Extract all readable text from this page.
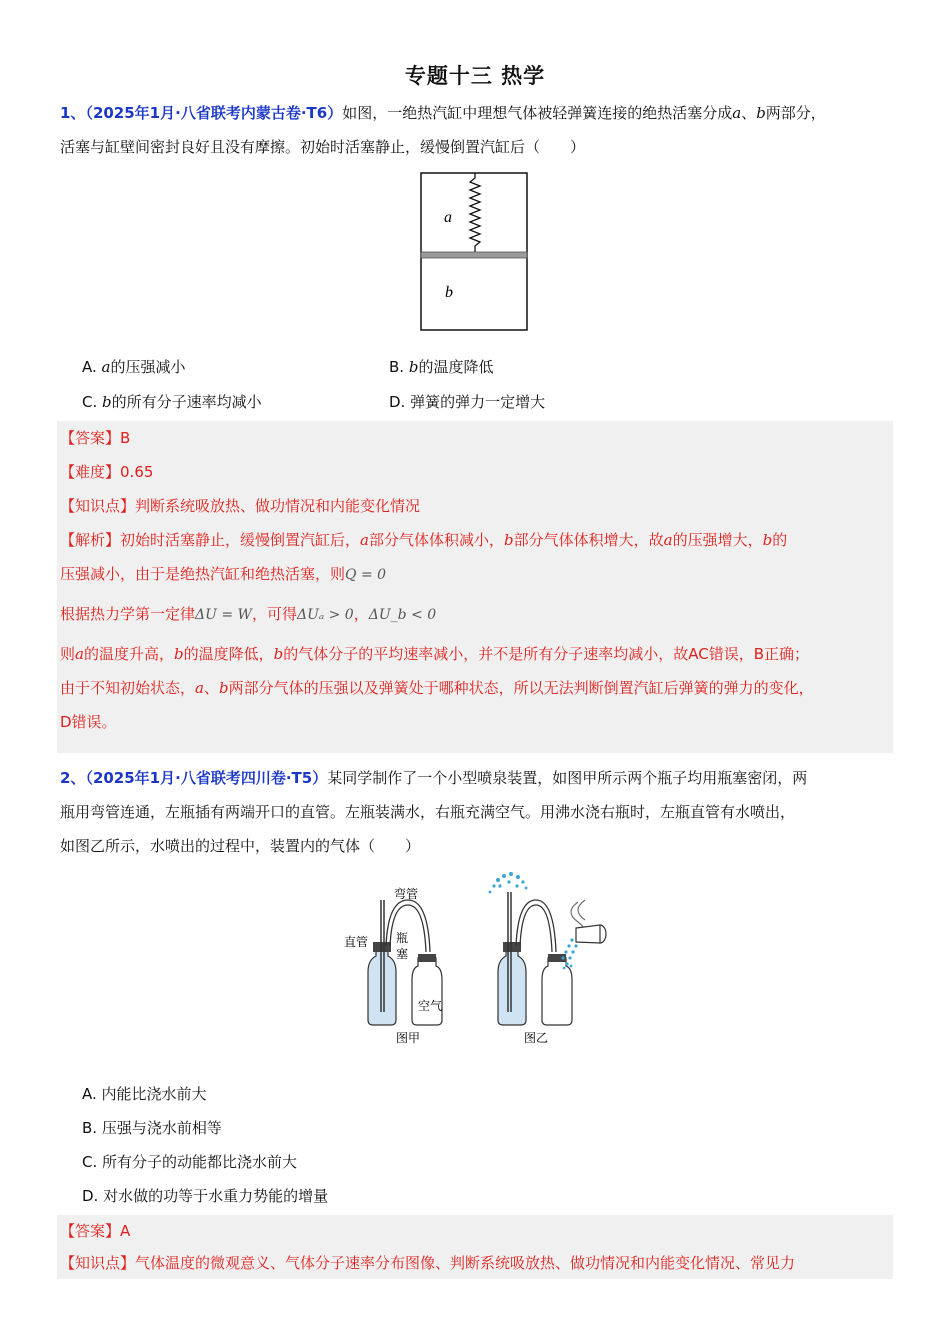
专题十三 热学
1、（2025年1月·八省联考内蒙古卷·T6）如图，一绝热汽缸中理想气体被轻弹簧连接的绝热活塞分成a、b两部分，
活塞与缸壁间密封良好且没有摩擦。初始时活塞静止，缓慢倒置汽缸后（　　）
a
b
A. a的压强减小	B. b的温度降低
C. b的所有分子速率均减小	D. 弹簧的弹力一定增大
【答案】B
【难度】0.65
【知识点】判断系统吸放热、做功情况和内能变化情况
【解析】初始时活塞静止，缓慢倒置汽缸后，a部分气体体积减小，b部分气体体积增大，故a的压强增大，b的
压强减小，由于是绝热汽缸和绝热活塞，则Q = 0
根据热力学第一定律ΔU = W，可得ΔUₐ > 0，ΔU_b < 0
则a的温度升高，b的温度降低，b的气体分子的平均速率减小，并不是所有分子速率均减小，故AC错误，B正确；
由于不知初始状态，a、b两部分气体的压强以及弹簧处于哪种状态，所以无法判断倒置汽缸后弹簧的弹力的变化，
D错误。
2、（2025年1月·八省联考四川卷·T5）某同学制作了一个小型喷泉装置，如图甲所示两个瓶子均用瓶塞密闭，两
瓶用弯管连通，左瓶插有两端开口的直管。左瓶装满水，右瓶充满空气。用沸水浇右瓶时，左瓶直管有水喷出，
如图乙所示，水喷出的过程中，装置内的气体（　　）
弯管
直管 瓶
塞
空气
图甲	图乙
A. 内能比浇水前大
B. 压强与浇水前相等
C. 所有分子的动能都比浇水前大
D. 对水做的功等于水重力势能的增量
【答案】A
【知识点】气体温度的微观意义、气体分子速率分布图像、判断系统吸放热、做功情况和内能变化情况、常见力
